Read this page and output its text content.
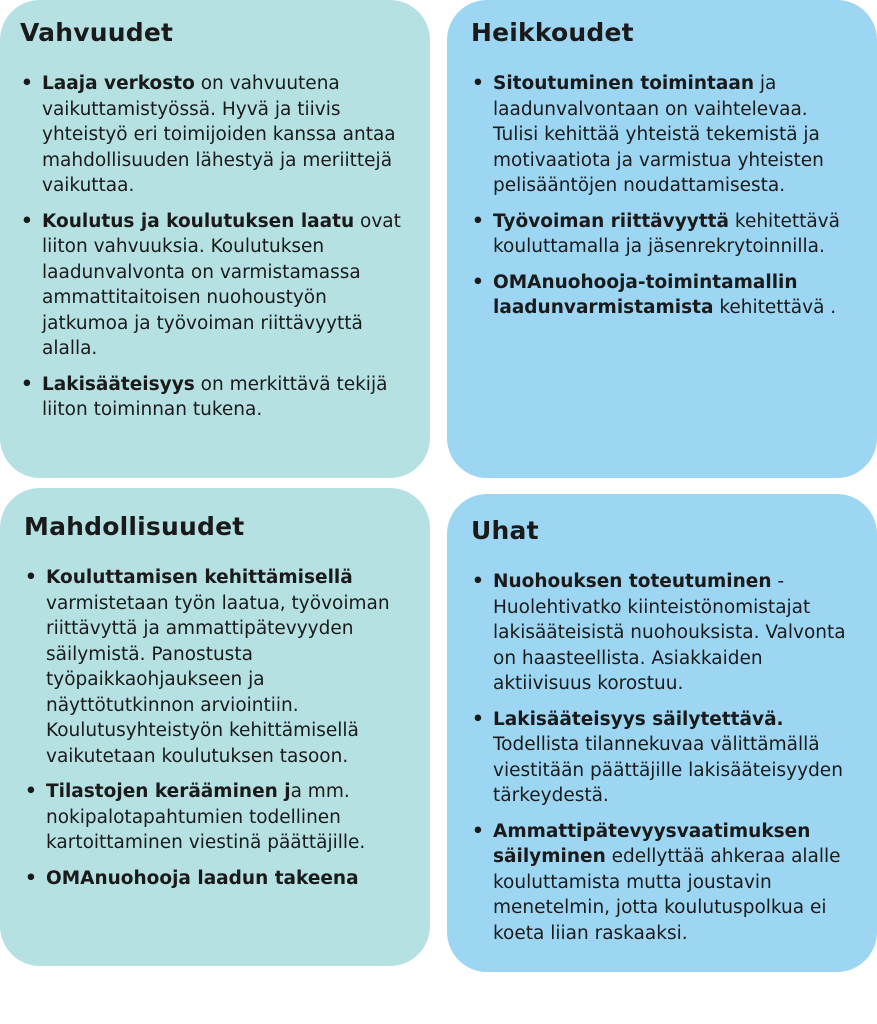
Vahvuudet
• Laaja verkosto on vahvuutena vaikuttamistyössä. Hyvä ja tiivis yhteistyö eri toimijoiden kanssa antaa mahdollisuuden lähestyä ja meriittejä vaikuttaa.
• Koulutus ja koulutuksen laatu ovat liiton vahvuuksia. Koulutuksen laadunvalvonta on varmistamassa ammattitaitoisen nuohoustyön jatkumoa ja työvoiman riittävyyttä alalla.
• Lakisääteisyys on merkittävä tekijä liiton toiminnan tukena.
Heikkoudet
• Sitoutuminen toimintaan ja laadunvalvontaan on vaihtelevaa. Tulisi kehittää yhteistä tekemistä ja motivaatiota ja varmistua yhteisten pelisääntöjen noudattamisesta.
• Työvoiman riittävyyttä kehitettävä kouluttamalla ja jäsenrekrytoinnilla.
• OMAnuohooja-toimintamallin laadunvarmistamista kehitettävä .
Mahdollisuudet
• Kouluttamisen kehittämisellä varmistetaan työn laatua, työvoiman riittävyttä ja ammattipätevyyden säilymistä. Panostusta työpaikkaohjaukseen ja näyttötutkinnon arviointiin. Koulutusyhteistyön kehittämisellä vaikutetaan koulutuksen tasoon.
• Tilastojen kerääminen ja mm. nokipalotapahtumien todellinen kartoittaminen viestinä päättäjille.
• OMAnuohooja laadun takeena
Uhat
• Nuohouksen toteutuminen - Huolehtivatko kiinteistönomistajat lakisääteisistä nuohouksista. Valvonta on haasteellista. Asiakkaiden aktiivisuus korostuu.
• Lakisääteisyys säilytettävä. Todellista tilannekuvaa välittämällä viestitään päättäjille lakisääteisyyden tärkeydestä.
• Ammattipätevyysvaatimuksen säilyminen edellyttää ahkeraa alalle kouluttamista mutta joustavin menetelmin, jotta koulutuspolkua ei koeta liian raskaaksi.
